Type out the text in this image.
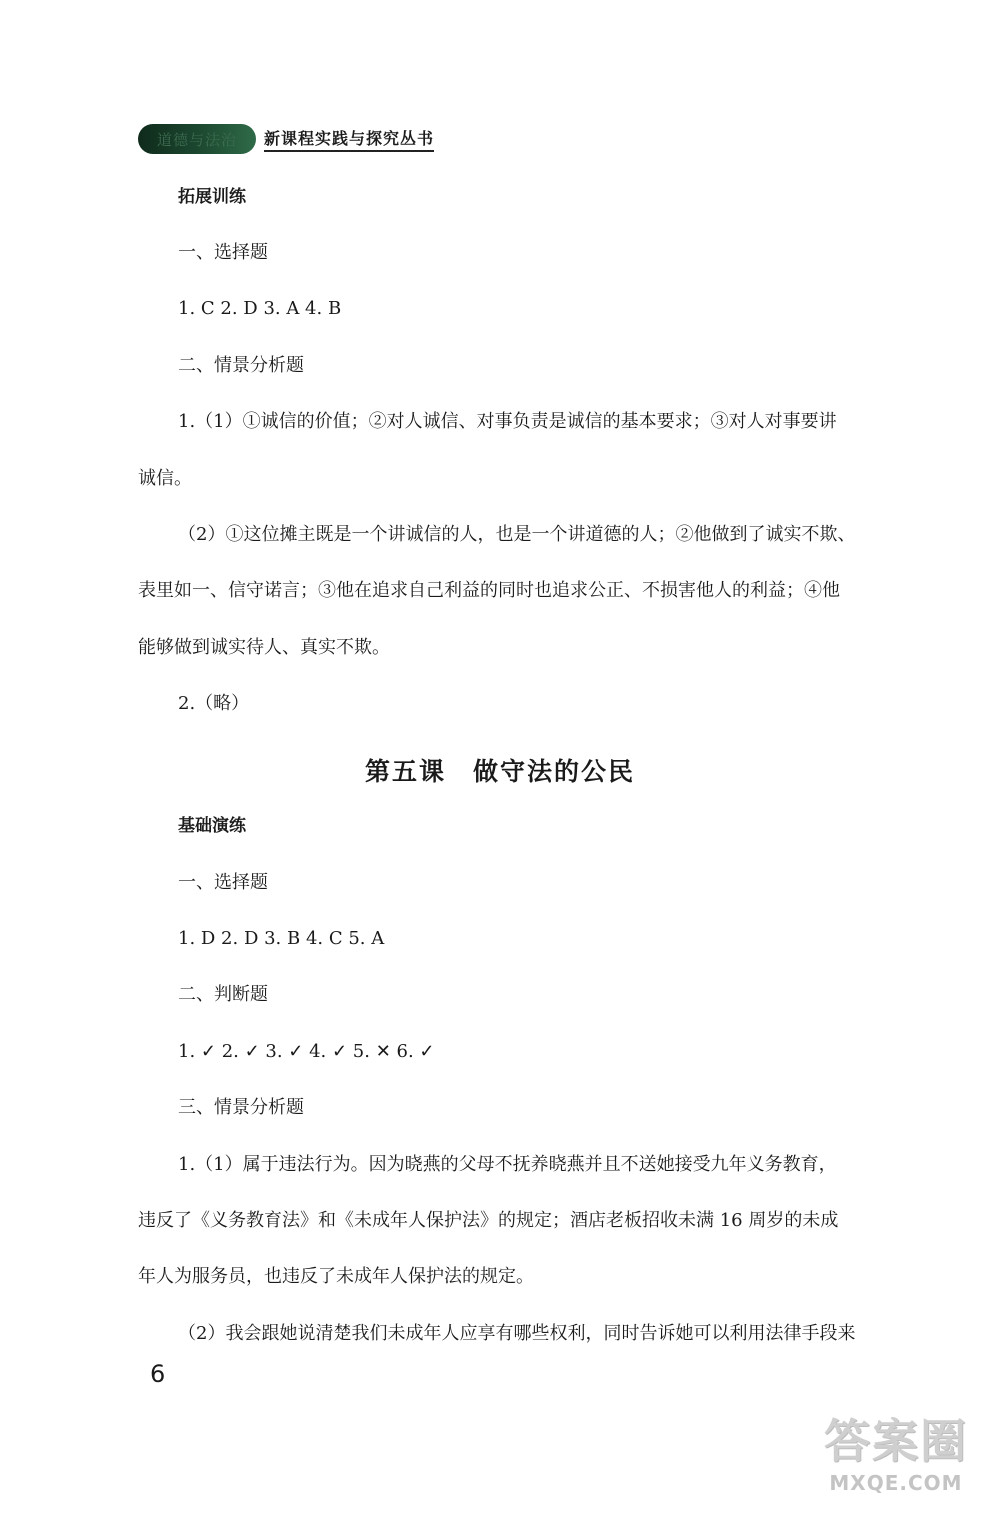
道德与法治	新课程实践与探究丛书
拓展训练
一、选择题
1. C 2. D 3. A 4. B
二、情景分析题
1.（1）①诚信的价值；②对人诚信、对事负责是诚信的基本要求；③对人对事要讲
诚信。
（2）①这位摊主既是一个讲诚信的人，也是一个讲道德的人；②他做到了诚实不欺、
表里如一、信守诺言；③他在追求自己利益的同时也追求公正、不损害他人的利益；④他
能够做到诚实待人、真实不欺。
2.（略）
第五课　做守法的公民
基础演练
一、选择题
1. D 2. D 3. B 4. C 5. A
二、判断题
1. ✓ 2. ✓ 3. ✓ 4. ✓ 5. ✕ 6. ✓
三、情景分析题
1.（1）属于违法行为。因为晓燕的父母不抚养晓燕并且不送她接受九年义务教育，
违反了《义务教育法》和《未成年人保护法》的规定；酒店老板招收未满 16 周岁的未成
年人为服务员，也违反了未成年人保护法的规定。
（2）我会跟她说清楚我们未成年人应享有哪些权利，同时告诉她可以利用法律手段来
6
答案圈
MXQE.COM
